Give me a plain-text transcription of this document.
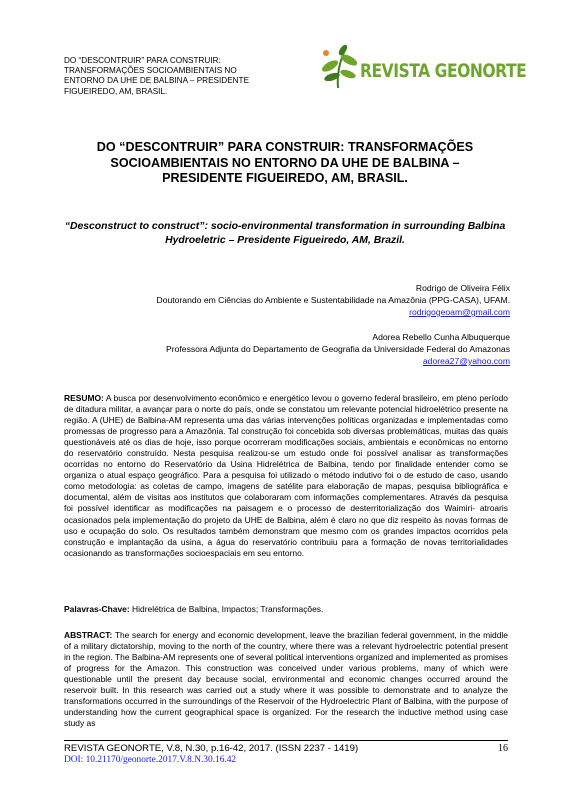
DO “DESCONTRUIR” PARA CONSTRUIR: TRANSFORMAÇÕES SOCIOAMBIENTAIS NO ENTORNO DA UHE DE BALBINA – PRESIDENTE FIGUEIREDO, AM, BRASIL.
REVISTA GEONORTE
DO “DESCONTRUIR” PARA CONSTRUIR: TRANSFORMAÇÕES SOCIOAMBIENTAIS NO ENTORNO DA UHE DE BALBINA – PRESIDENTE FIGUEIREDO, AM, BRASIL.
“Desconstruct to construct”: socio-environmental transformation in surrounding Balbina Hydroeletric – Presidente Figueiredo, AM, Brazil.
Rodrigo de Oliveira Félix
Doutorando em Ciências do Ambiente e Sustentabilidade na Amazônia (PPG-CASA), UFAM.
rodrigogeoam@gmail.com
Adorea Rebello Cunha Albuquerque
Professora Adjunta do Departamento de Geografia da Universidade Federal do Amazonas
adorea27@yahoo.com
RESUMO: A busca por desenvolvimento econômico e energético levou o governo federal brasileiro, em pleno período de ditadura militar, a avançar para o norte do país, onde se constatou um relevante potencial hidroelétrico presente na região. A (UHE) de Balbina-AM representa uma das várias intervenções políticas organizadas e implementadas como promessas de progresso para a Amazônia. Tal construção foi concebida sob diversas problemáticas, muitas das quais questionáveis até os dias de hoje, isso porque ocorreram modificações sociais, ambientais e econômicas no entorno do reservatório construído. Nesta pesquisa realizou-se um estudo onde foi possível analisar as transformações ocorridas no entorno do Reservatório da Usina Hidrelétrica de Balbina, tendo por finalidade entender como se organiza o atual espaço geográfico. Para a pesquisa foi utilizado o método indutivo foi o de estudo de caso, usando como metodologia: as coletas de campo, imagens de satélite para elaboração de mapas, pesquisa bibliográfica e documental, além de visitas aos institutos que colaboraram com informações complementares. Através da pesquisa foi possível identificar as modificações na paisagem e o processo de desterritorialização dos Waimiri- atroaris ocasionados pela implementação do projeto da UHE de Balbina, além é claro no que diz respeito às novas formas de uso e ocupação do solo. Os resultados também demonstram que mesmo com os grandes impactos ocorridos pela construção e implantação da usina, a água do reservatório contribuiu para a formação de novas territorialidades ocasionando as transformações socioespaciais em seu entorno.
Palavras-Chave: Hidrelétrica de Balbina, Impactos; Transformações.
ABSTRACT: The search for energy and economic development, leave the brazilian federal government, in the middle of a military dictatorship, moving to the north of the country, where there was a relevant hydroelectric potential present in the region. The Balbina-AM represents one of several political interventions organized and implemented as promises of progress for the Amazon. This construction was conceived under various problems, many of which were questionable until the present day because social, environmental and economic changes occurred around the reservoir built. In this research was carried out a study where it was possible to demonstrate and to analyze the transformations occurred in the surroundings of the Reservoir of the Hydroelectric Plant of Balbina, with the purpose of understanding how the current geographical space is organized. For the research the inductive method using case study as
REVISTA GEONORTE, V.8, N.30, p.16-42, 2017. (ISSN 2237 - 1419)	16
DOI: 10.21170/geonorte.2017.V.8.N.30.16.42
